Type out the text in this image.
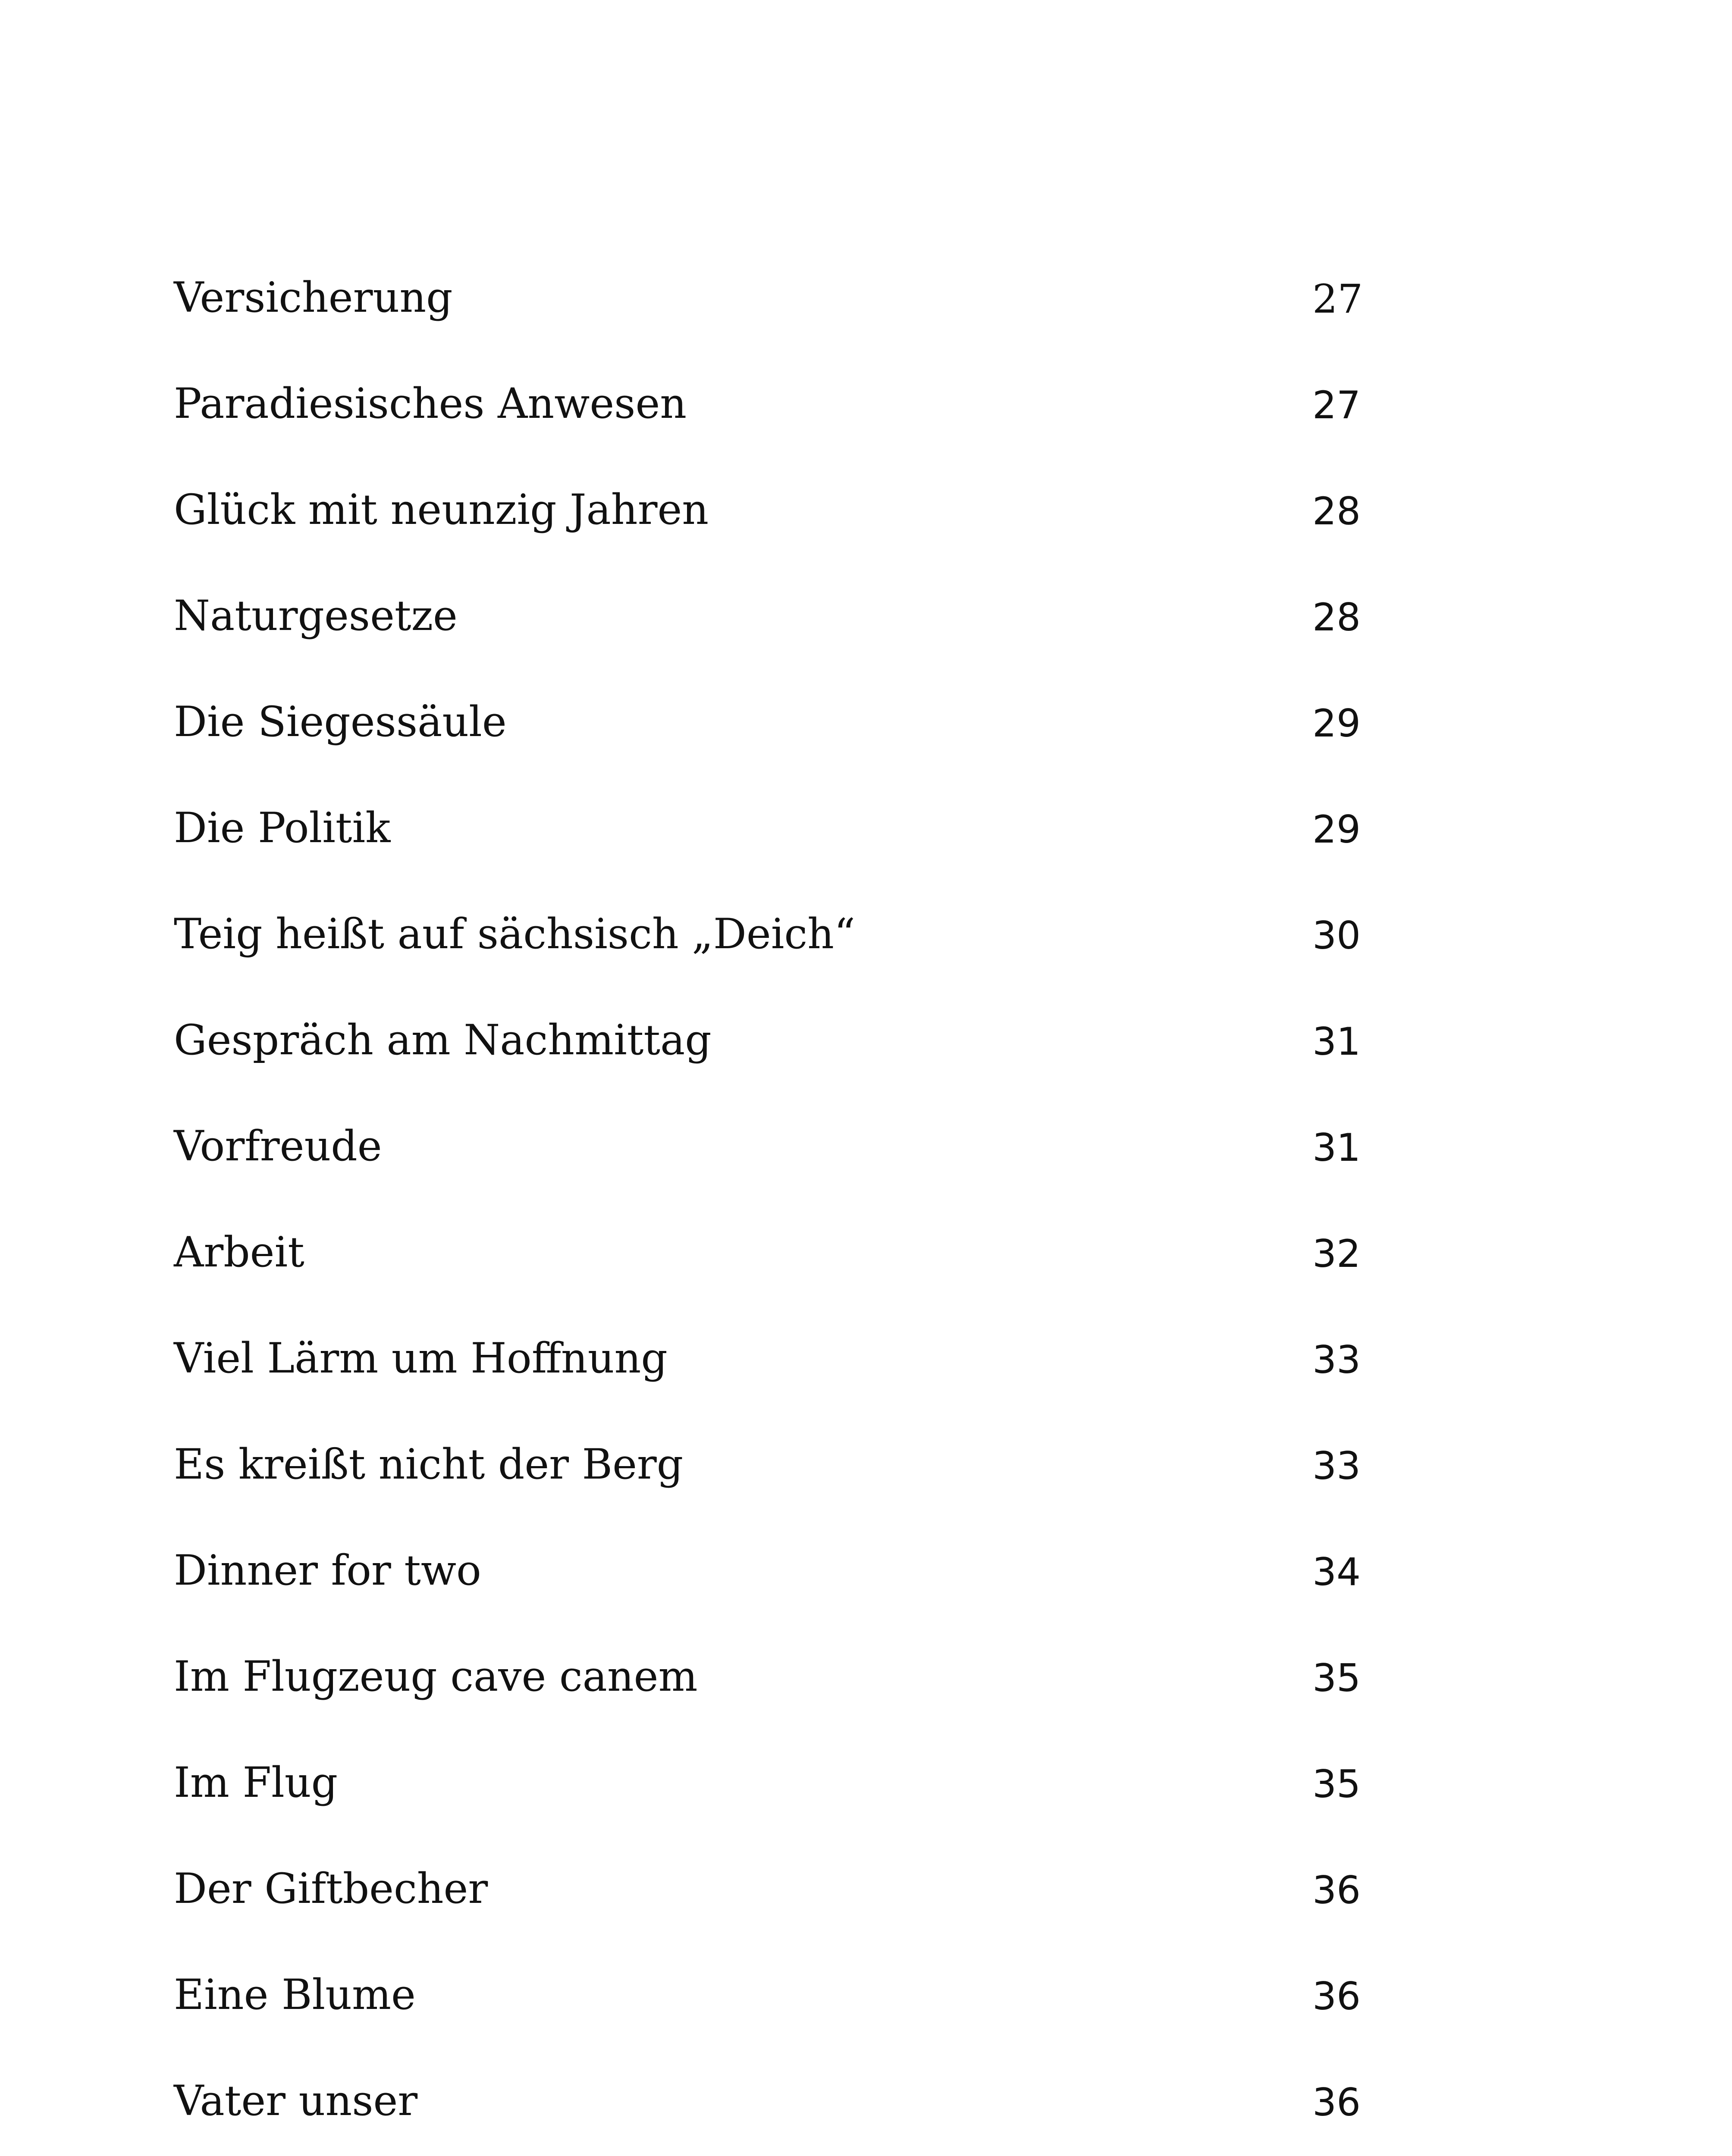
Versicherung	27
Paradiesisches Anwesen	27
Glück mit neunzig Jahren	28
Naturgesetze	28
Die Siegessäule	29
Die Politik	29
Teig heißt auf sächsisch „Deich“	30
Gespräch am Nachmittag	31
Vorfreude	31
Arbeit	32
Viel Lärm um Hoffnung	33
Es kreißt nicht der Berg	33
Dinner for two	34
Im Flugzeug cave canem	35
Im Flug	35
Der Giftbecher	36
Eine Blume	36
Vater unser	36
